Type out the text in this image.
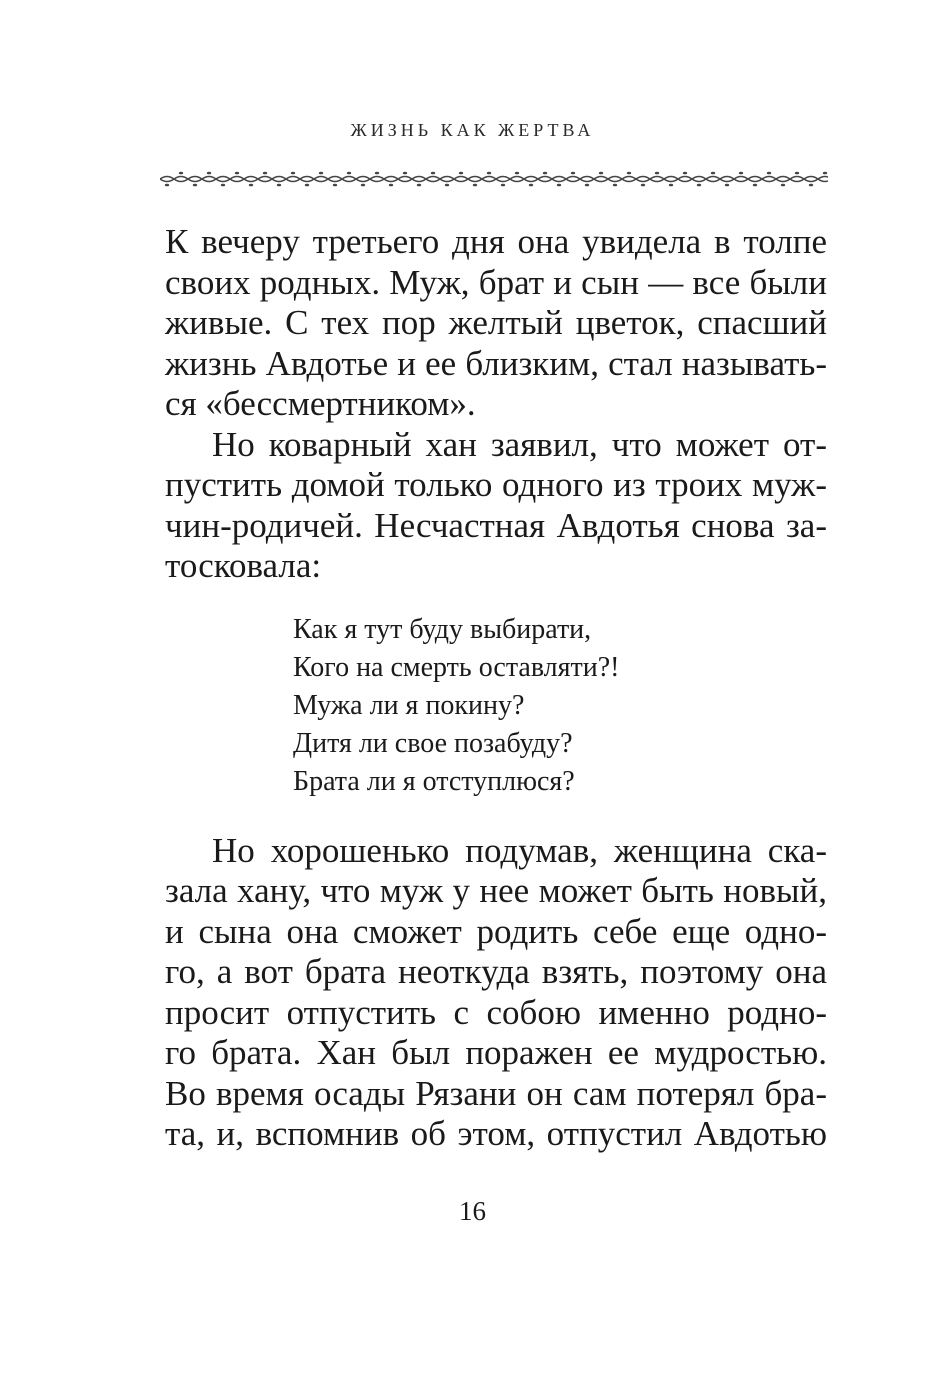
ЖИЗНЬ КАК ЖЕРТВА

К вечеру третьего дня она увидела в толпе
своих родных. Муж, брат и сын — все были
живые. С тех пор желтый цветок, спасший
жизнь Авдотье и ее близким, стал называть-
ся «бессмертником».

Но коварный хан заявил, что может от-
пустить домой только одного из троих муж-
чин-родичей. Несчастная Авдотья снова за-
тосковала:

Как я тут буду выбирати,
Кого на смерть оставляти?!
Мужа ли я покину?
Дитя ли свое позабуду?
Брата ли я отступлюся?

Но хорошенько подумав, женщина ска-
зала хану, что муж у нее может быть новый,
и сына она сможет родить себе еще одно-
го, а вот брата неоткуда взять, поэтому она
просит отпустить с собою именно родно-
го брата. Хан был поражен ее мудростью.
Во время осады Рязани он сам потерял бра-
та, и, вспомнив об этом, отпустил Авдотью

16
